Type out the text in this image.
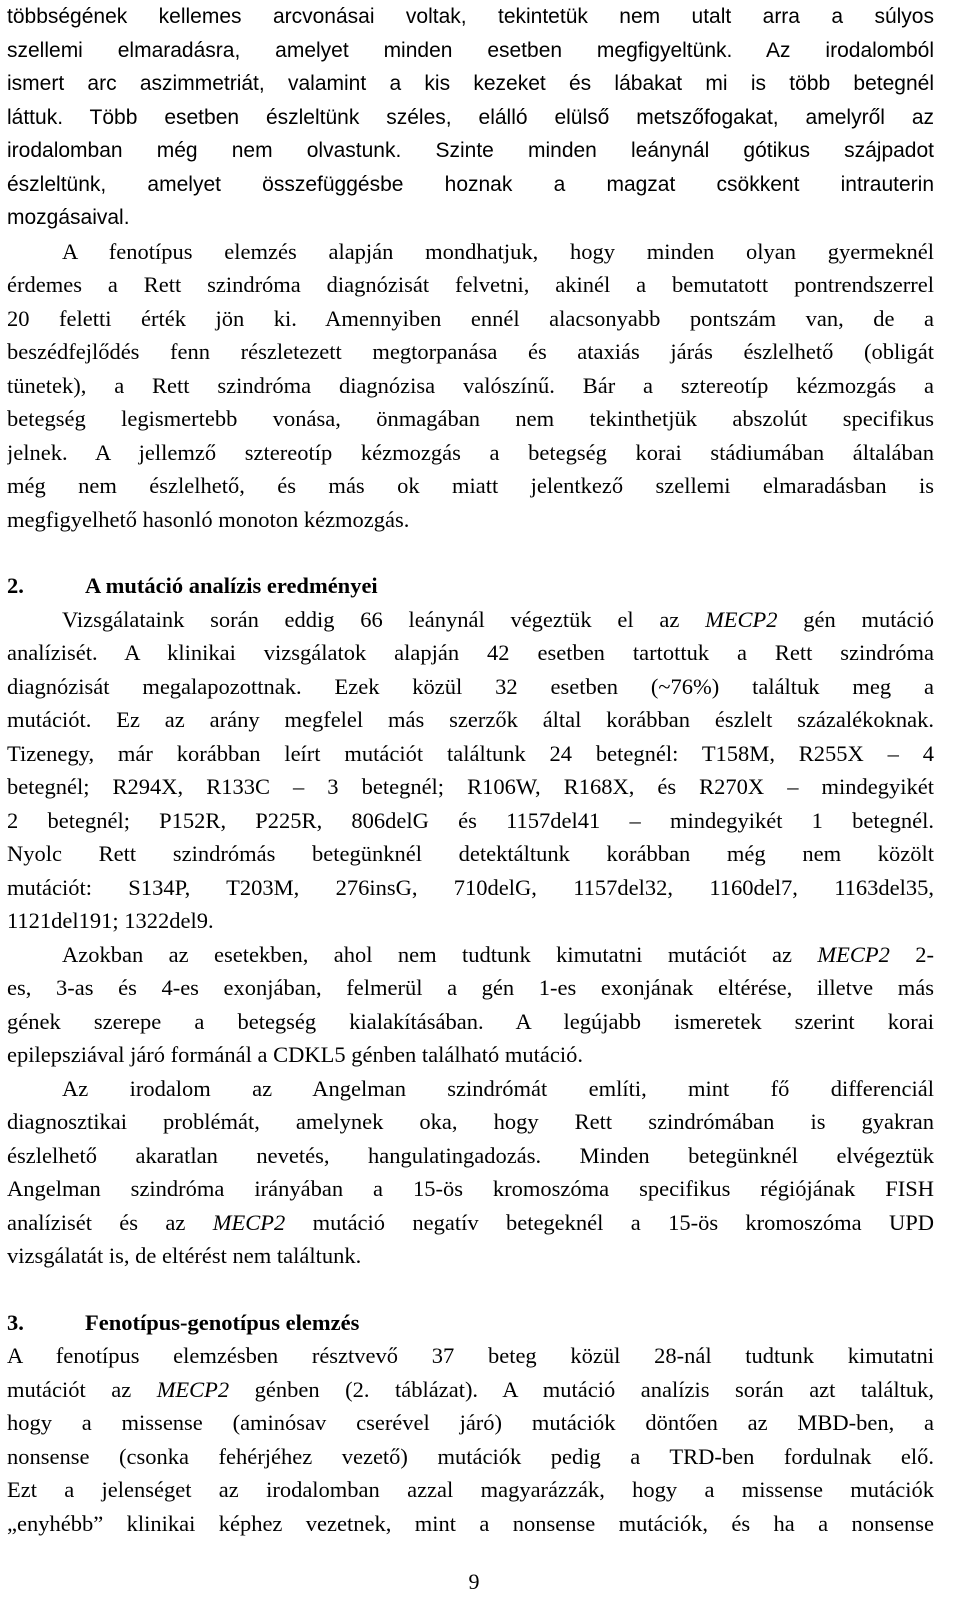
többségének kellemes arcvonásai voltak, tekintetük nem utalt arra a súlyos
szellemi elmaradásra, amelyet minden esetben megfigyeltünk. Az irodalomból
ismert arc aszimmetriát, valamint a kis kezeket és lábakat mi is több betegnél
láttuk. Több esetben észleltünk széles, elálló elülső metszőfogakat, amelyről az
irodalomban még nem olvastunk. Szinte minden leánynál gótikus szájpadot
észleltünk, amelyet összefüggésbe hoznak a magzat csökkent intrauterin
mozgásaival.
A fenotípus elemzés alapján mondhatjuk, hogy minden olyan gyermeknél
érdemes a Rett szindróma diagnózisát felvetni, akinél a bemutatott pontrendszerrel
20 feletti érték jön ki. Amennyiben ennél alacsonyabb pontszám van, de a
beszédfejlődés fenn részletezett megtorpanása és ataxiás járás észlelhető (obligát
tünetek), a Rett szindróma diagnózisa valószínű. Bár a sztereotíp kézmozgás a
betegség legismertebb vonása, önmagában nem tekinthetjük abszolút specifikus
jelnek. A jellemző sztereotíp kézmozgás a betegség korai stádiumában általában
még nem észlelhető, és más ok miatt jelentkező szellemi elmaradásban is
megfigyelhető hasonló monoton kézmozgás.
2.	A mutáció analízis eredményei
Vizsgálataink során eddig 66 leánynál végeztük el az MECP2 gén mutáció
analízisét. A klinikai vizsgálatok alapján 42 esetben tartottuk a Rett szindróma
diagnózisát megalapozottnak. Ezek közül 32 esetben (~76%) találtuk meg a
mutációt. Ez az arány megfelel más szerzők által korábban észlelt százalékoknak.
Tizenegy, már korábban leírt mutációt találtunk 24 betegnél: T158M, R255X – 4
betegnél; R294X, R133C – 3 betegnél; R106W, R168X, és R270X – mindegyikét
2 betegnél; P152R, P225R, 806delG és 1157del41 – mindegyikét 1 betegnél.
Nyolc Rett szindrómás betegünknél detektáltunk korábban még nem közölt
mutációt: S134P, T203M, 276insG, 710delG, 1157del32, 1160del7, 1163del35,
1121del191; 1322del9.
Azokban az esetekben, ahol nem tudtunk kimutatni mutációt az MECP2 2-
es, 3-as és 4-es exonjában, felmerül a gén 1-es exonjának eltérése, illetve más
gének szerepe a betegség kialakításában. A legújabb ismeretek szerint korai
epilepsziával járó formánál a CDKL5 génben található mutáció.
Az irodalom az Angelman szindrómát említi, mint fő differenciál
diagnosztikai problémát, amelynek oka, hogy Rett szindrómában is gyakran
észlelhető akaratlan nevetés, hangulatingadozás. Minden betegünknél elvégeztük
Angelman szindróma irányában a 15-ös kromoszóma specifikus régiójának FISH
analízisét és az MECP2 mutáció negatív betegeknél a 15-ös kromoszóma UPD
vizsgálatát is, de eltérést nem találtunk.
3.	Fenotípus-genotípus elemzés
A fenotípus elemzésben résztvevő 37 beteg közül 28-nál tudtunk kimutatni
mutációt az MECP2 génben (2. táblázat). A mutáció analízis során azt találtuk,
hogy a missense (aminósav cserével járó) mutációk döntően az MBD-ben, a
nonsense (csonka fehérjéhez vezető) mutációk pedig a TRD-ben fordulnak elő.
Ezt a jelenséget az irodalomban azzal magyarázzák, hogy a missense mutációk
„enyhébb” klinikai képhez vezetnek, mint a nonsense mutációk, és ha a nonsense
9
